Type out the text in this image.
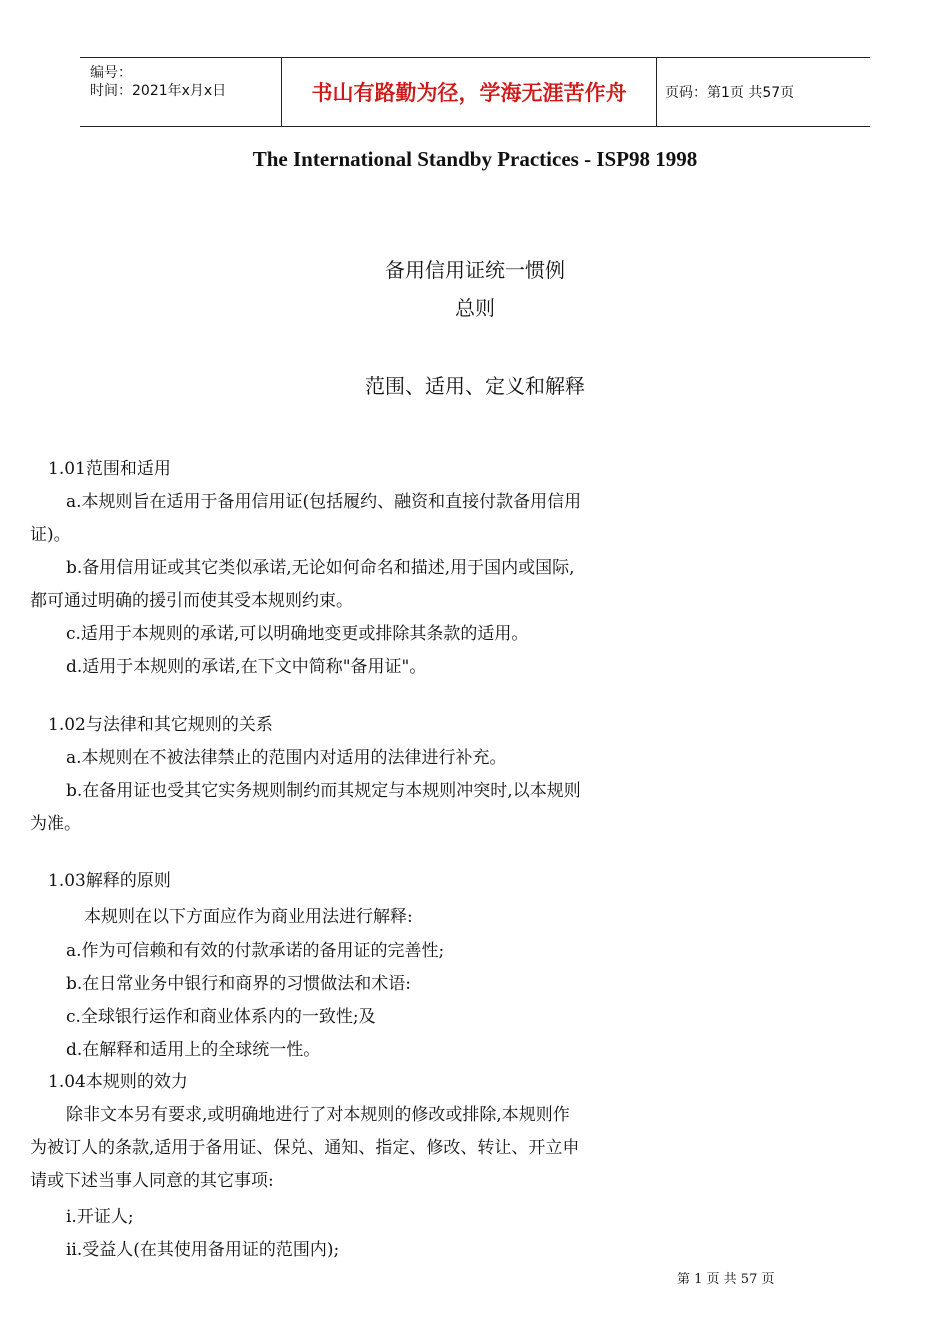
编号：
时间：2021年x月x日	书山有路勤为径，学海无涯苦作舟	页码：第1页 共57页
The International Standby Practices - ISP98 1998
备用信用证统一惯例
总则
范围、适用、定义和解释
1.01范围和适用
a.本规则旨在适用于备用信用证(包括履约、融资和直接付款备用信用
证)。
b.备用信用证或其它类似承诺,无论如何命名和描述,用于国内或国际,
都可通过明确的援引而使其受本规则约束。
c.适用于本规则的承诺,可以明确地变更或排除其条款的适用。
d.适用于本规则的承诺,在下文中简称"备用证"。
1.02与法律和其它规则的关系
a.本规则在不被法律禁止的范围内对适用的法律进行补充。
b.在备用证也受其它实务规则制约而其规定与本规则冲突时,以本规则
为准。
1.03解释的原则
本规则在以下方面应作为商业用法进行解释:
a.作为可信赖和有效的付款承诺的备用证的完善性;
b.在日常业务中银行和商界的习惯做法和术语:
c.全球银行运作和商业体系内的一致性;及
d.在解释和适用上的全球统一性。
1.04本规则的效力
除非文本另有要求,或明确地进行了对本规则的修改或排除,本规则作
为被订人的条款,适用于备用证、保兑、通知、指定、修改、转让、开立申
请或下述当事人同意的其它事项:
i.开证人;
ii.受益人(在其使用备用证的范围内);
第 1 页 共 57 页
